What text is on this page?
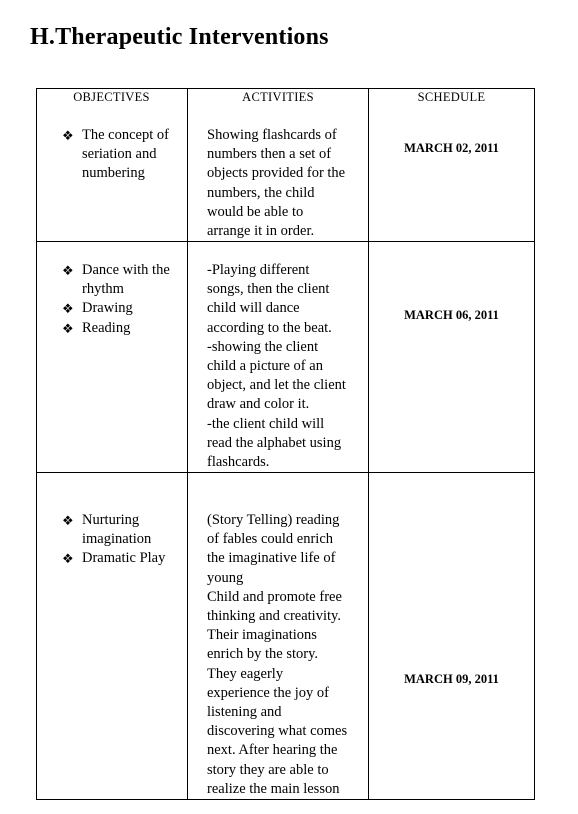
H.Therapeutic Interventions
OBJECTIVES	ACTIVITIES	SCHEDULE
❖ The concept of seriation and numbering
Showing flashcards of
numbers then a set of
objects provided for the
numbers, the child
would be able to
arrange it in order.
MARCH 02, 2011
❖ Dance with the rhythm
❖ Drawing
❖ Reading
-Playing different
songs, then the client
child will dance
according to the beat.
-showing the client
child a picture of an
object, and let the client
draw and color it.
-the client child will
read the alphabet using
flashcards.
MARCH 06, 2011
❖ Nurturing imagination
❖ Dramatic Play
(Story Telling) reading
of fables could enrich
the imaginative life of
young
Child and promote free
thinking and creativity.
Their imaginations
enrich by the story.
They eagerly
experience the joy of
listening and
discovering what comes
next. After hearing the
story they are able to
realize the main lesson
MARCH 09, 2011
